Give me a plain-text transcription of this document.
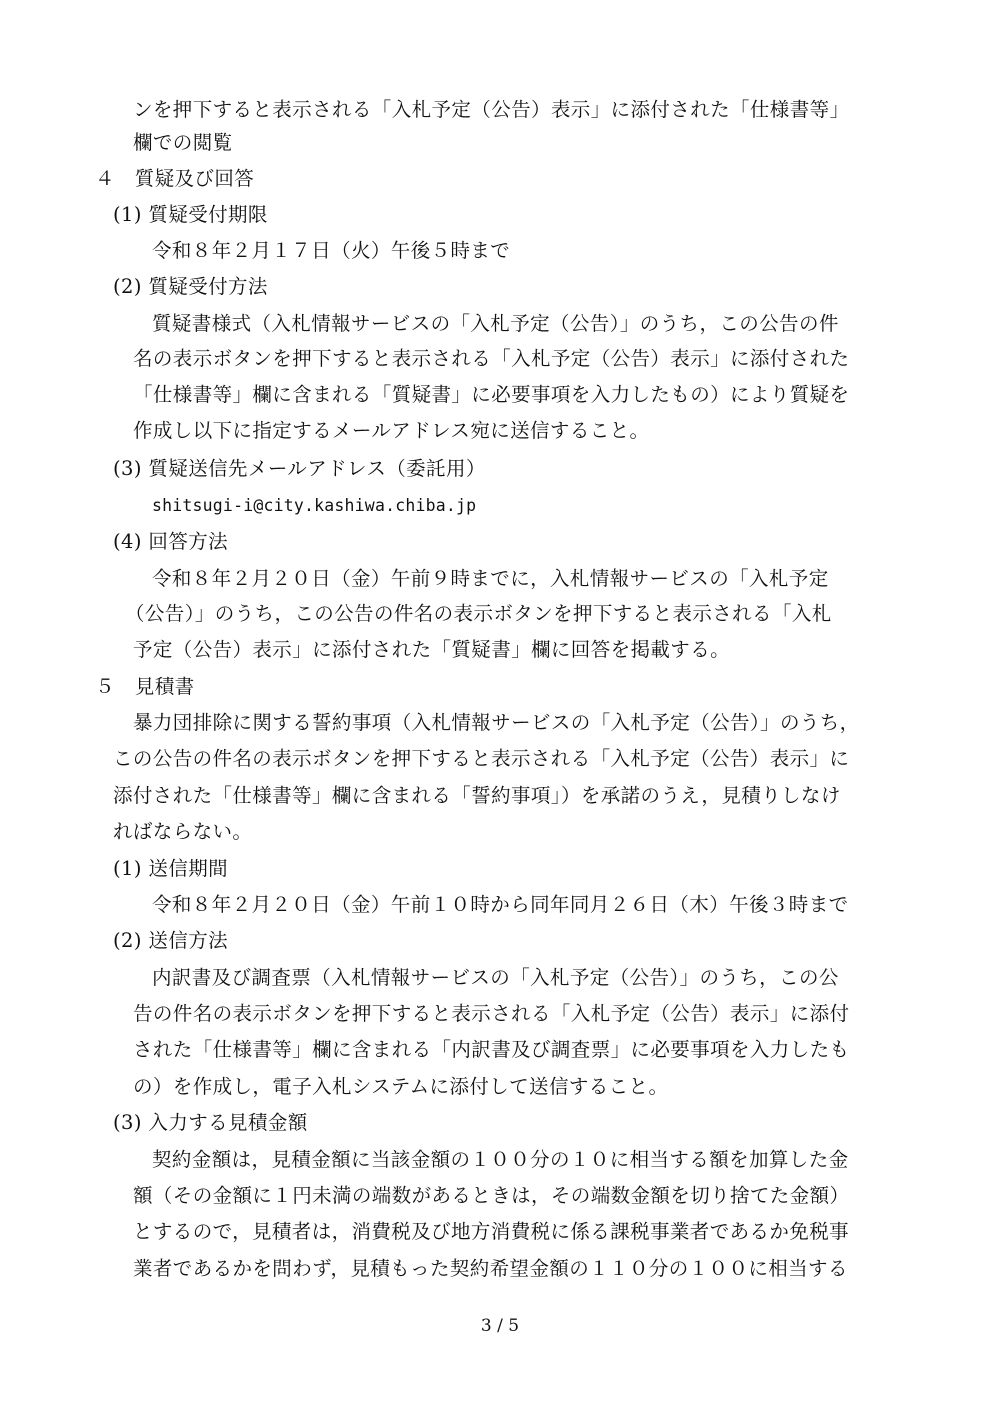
ンを押下すると表示される「入札予定（公告）表示」に添付された「仕様書等」
欄での閲覧
４　質疑及び回答
(1) 質疑受付期限
令和８年２月１７日（火）午後５時まで
(2) 質疑受付方法
質疑書様式（入札情報サービスの「入札予定（公告）」のうち，この公告の件
名の表示ボタンを押下すると表示される「入札予定（公告）表示」に添付された
「仕様書等」欄に含まれる「質疑書」に必要事項を入力したもの）により質疑を
作成し以下に指定するメールアドレス宛に送信すること。
(3) 質疑送信先メールアドレス（委託用）
shitsugi-i@city.kashiwa.chiba.jp
(4) 回答方法
令和８年２月２０日（金）午前９時までに，入札情報サービスの「入札予定
（公告）」のうち，この公告の件名の表示ボタンを押下すると表示される「入札
予定（公告）表示」に添付された「質疑書」欄に回答を掲載する。
５　見積書
暴力団排除に関する誓約事項（入札情報サービスの「入札予定（公告）」のうち，
この公告の件名の表示ボタンを押下すると表示される「入札予定（公告）表示」に
添付された「仕様書等」欄に含まれる「誓約事項」）を承諾のうえ，見積りしなけ
ればならない。
(1) 送信期間
令和８年２月２０日（金）午前１０時から同年同月２６日（木）午後３時まで
(2) 送信方法
内訳書及び調査票（入札情報サービスの「入札予定（公告）」のうち，この公
告の件名の表示ボタンを押下すると表示される「入札予定（公告）表示」に添付
された「仕様書等」欄に含まれる「内訳書及び調査票」に必要事項を入力したも
の）を作成し，電子入札システムに添付して送信すること。
(3) 入力する見積金額
契約金額は，見積金額に当該金額の１００分の１０に相当する額を加算した金
額（その金額に１円未満の端数があるときは，その端数金額を切り捨てた金額）
とするので，見積者は，消費税及び地方消費税に係る課税事業者であるか免税事
業者であるかを問わず，見積もった契約希望金額の１１０分の１００に相当する
3 / 5
